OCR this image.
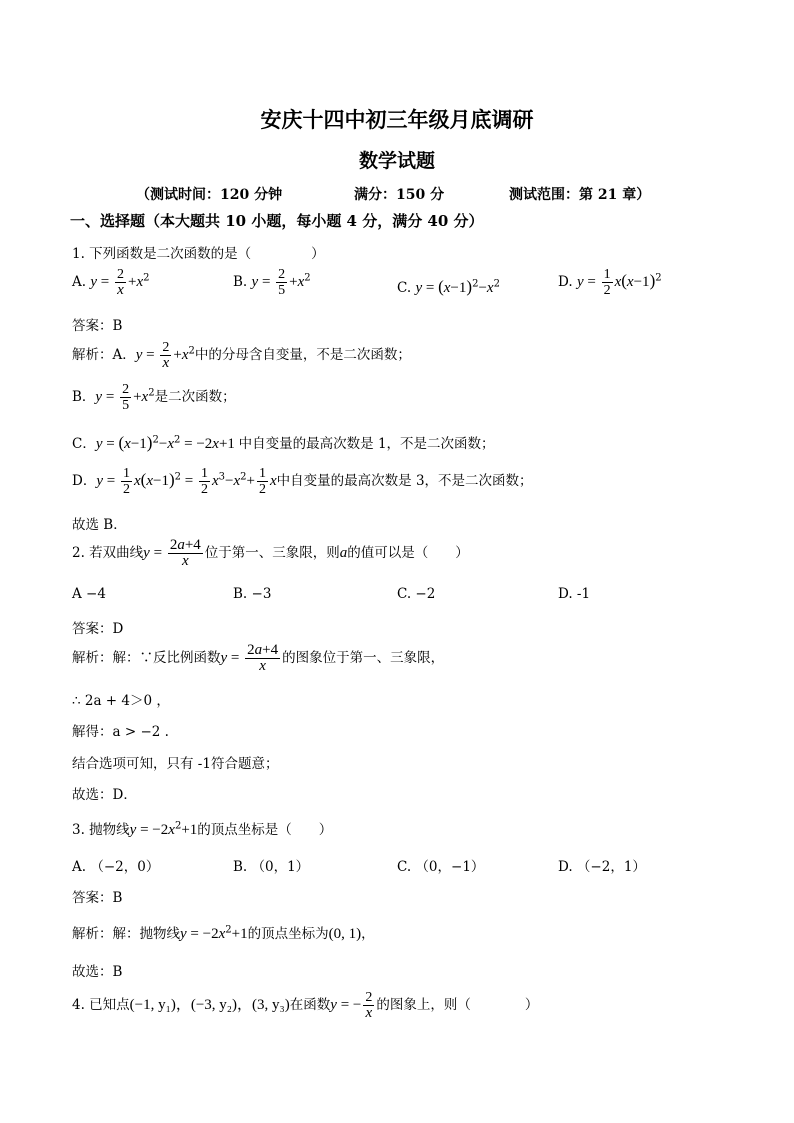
安庆十四中初三年级月底调研
数学试题
（测试时间：120 分钟	满分：150 分	测试范围：第 21 章）
一、选择题（本大题共 10 小题，每小题 4 分，满分 40 分）
1. 下列函数是二次函数的是（	）
A. $y = \frac{2}{x} +x^2$	B. $y = \frac{2}{5} +x^2$
C. $y = (x-1)^2-x^2$	D. $y = \frac{1}{2} x(x-1)^2$
答案：B
解析：A．$y = \frac{2}{x} +x^2$中的分母含自变量，不是二次函数；
B．$y = \frac{2}{5} +x^2$是二次函数；
C．$y = (x-1)^2-x^2 = -2x+1$ 中自变量的最高次数是 1，不是二次函数；
D．$y = \frac{1}{2} x(x-1)^2 = \frac{1}{2} x^3-x^2+ \frac{1}{2}$ x中自变量的最高次数是 3，不是二次函数；
故选 B．
2. 若双曲线$y = \frac{2a+4}{x}$ 位于第一、三象限，则a的值可以是（　　）
A −4	B. −3	C. −2	D. -1
答案：D
解析：解：∵反比例函数$y = \frac{2a+4}{x}$ 的图象位于第一、三象限，
∴ 2a + 4＞0 ，
解得：a > −2 .
结合选项可知，只有 -1符合题意；
故选：D．
3. 抛物线$y = -2x^2+1$的顶点坐标是（　　）
A. （−2，0）	B. （0，1）	C. （0，−1）	D. （−2，1）
答案：B
解析：解：抛物线$y = -2x^2+1$的顶点坐标为(0, 1)，
故选：B
4. 已知点(−1, y₁)，(−3, y₂)，(3, y₃)在函数y = − $\frac{2}{x}$ 的图象上，则（　　　　）
